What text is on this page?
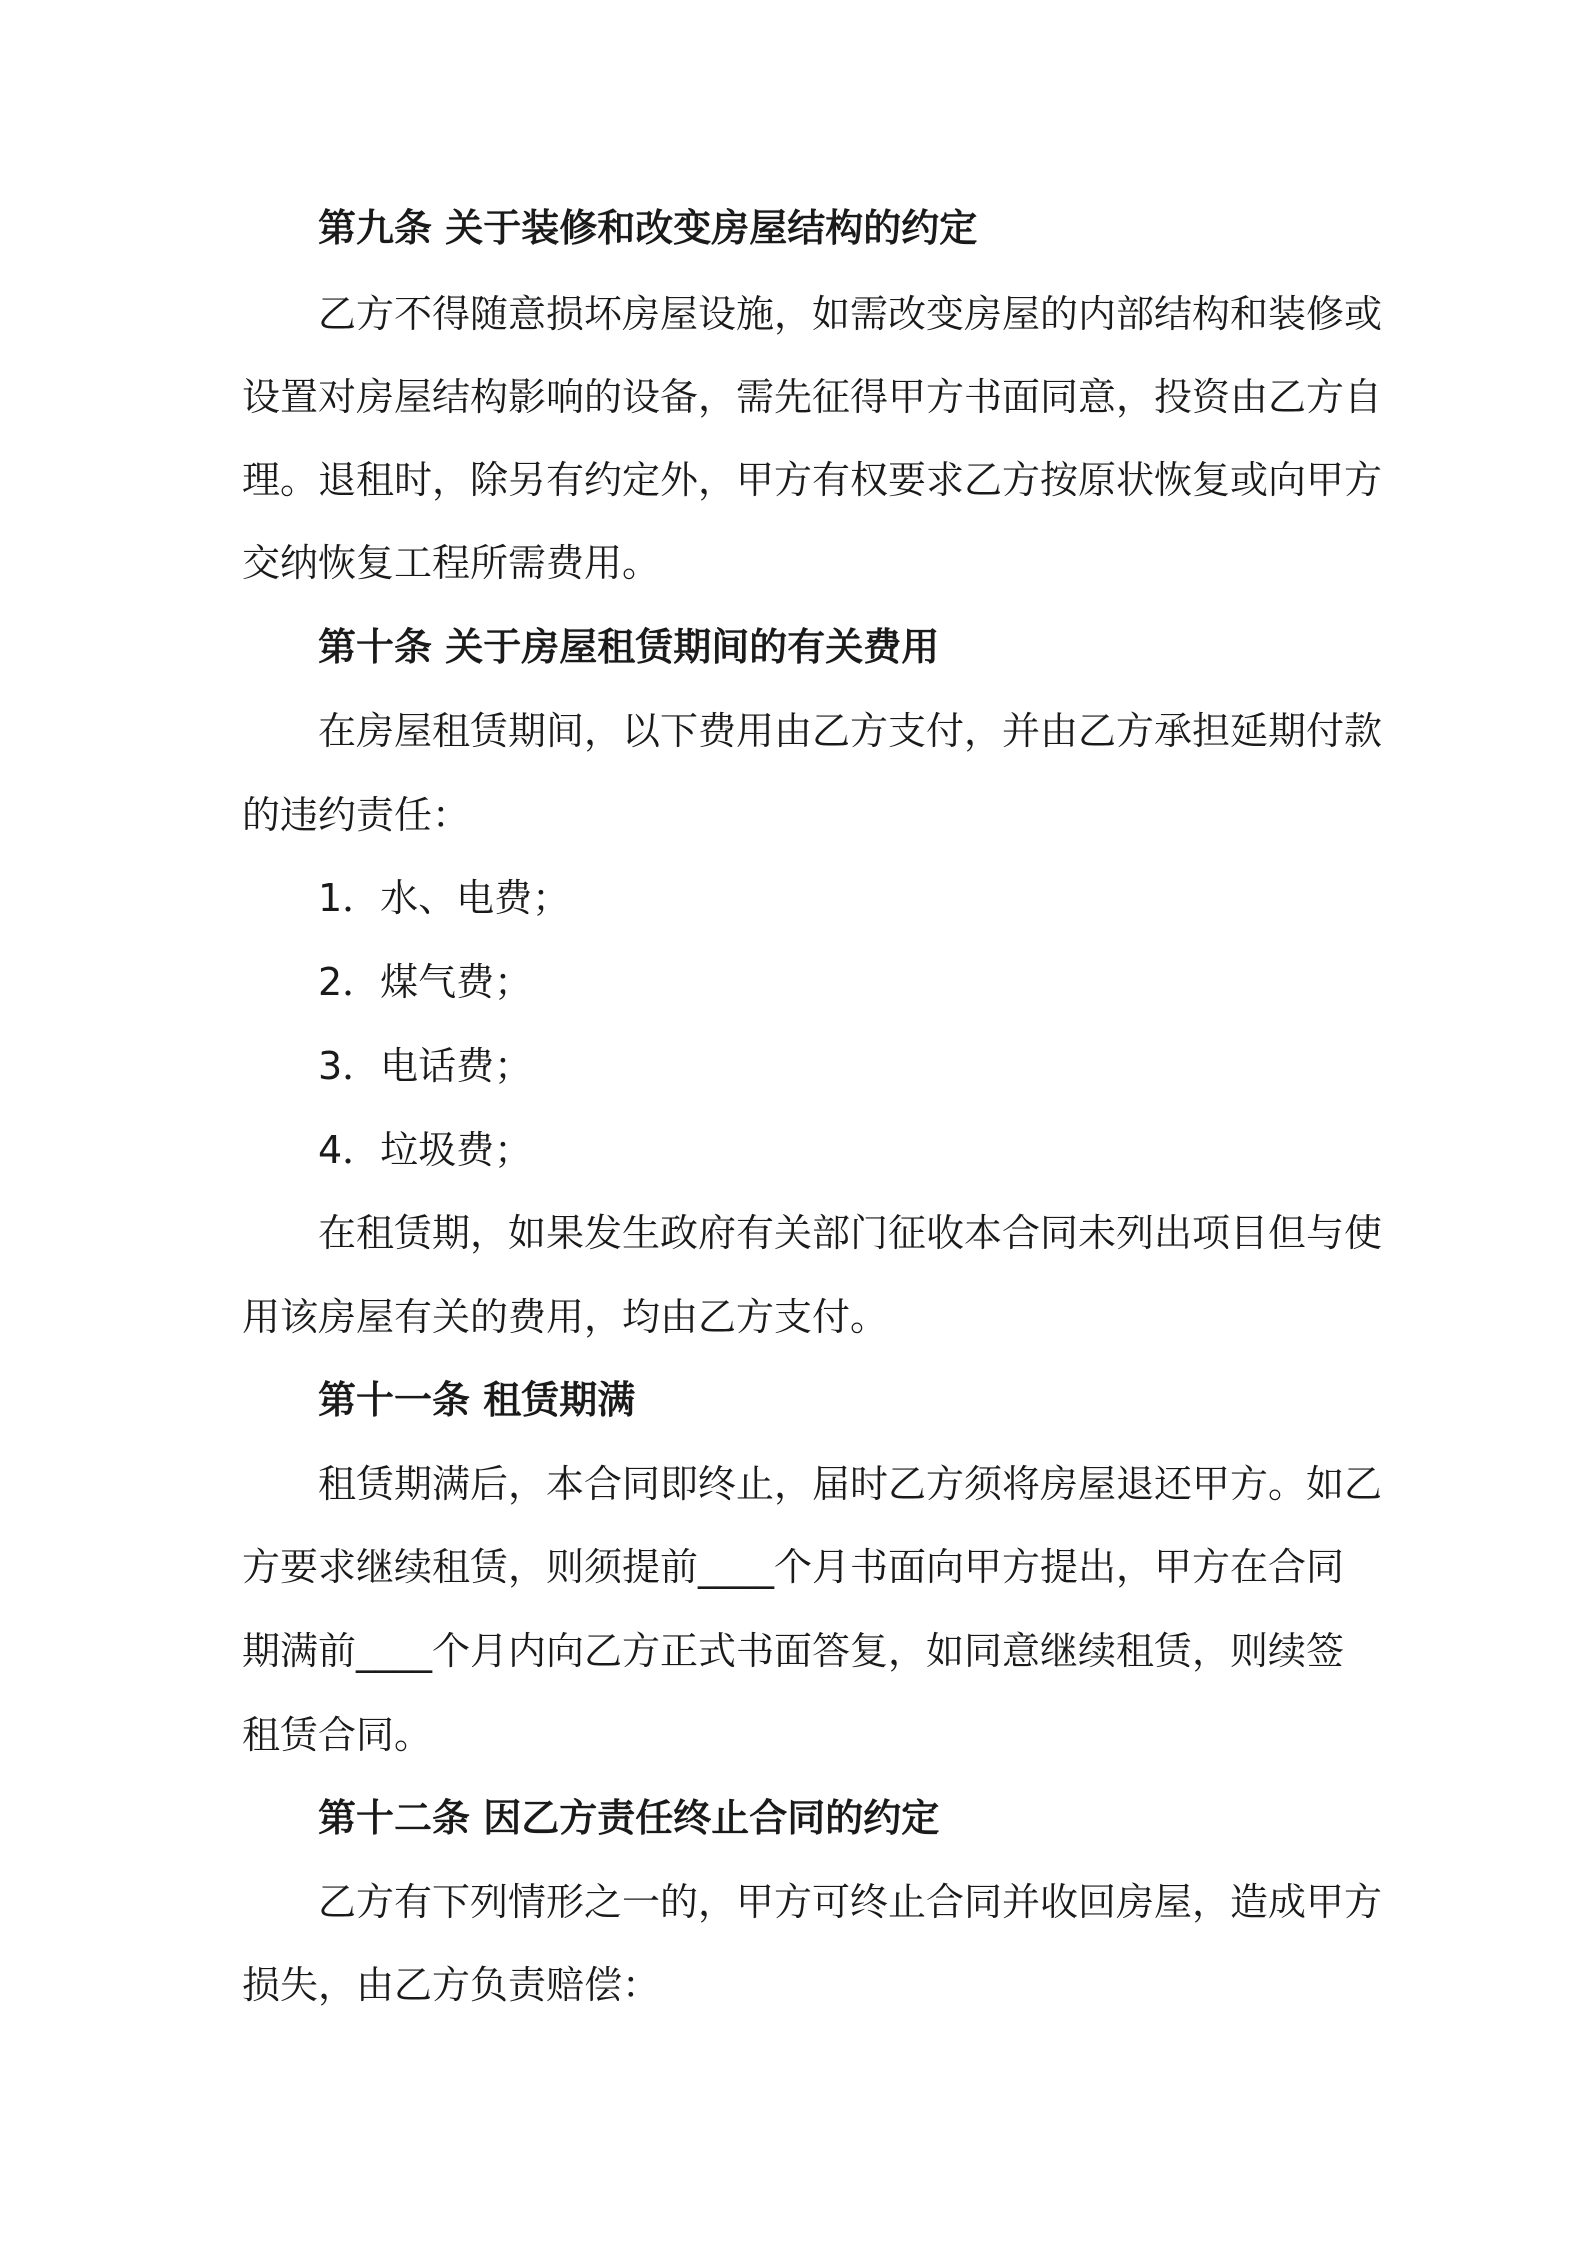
第九条 关于装修和改变房屋结构的约定
乙方不得随意损坏房屋设施，如需改变房屋的内部结构和装修或
设置对房屋结构影响的设备，需先征得甲方书面同意，投资由乙方自
理。退租时，除另有约定外，甲方有权要求乙方按原状恢复或向甲方
交纳恢复工程所需费用。
第十条 关于房屋租赁期间的有关费用
在房屋租赁期间，以下费用由乙方支付，并由乙方承担延期付款
的违约责任：
1．水、电费；
2．煤气费；
3．电话费；
4．垃圾费；
在租赁期，如果发生政府有关部门征收本合同未列出项目但与使
用该房屋有关的费用，均由乙方支付。
第十一条 租赁期满
租赁期满后，本合同即终止，届时乙方须将房屋退还甲方。如乙
方要求继续租赁，则须提前____个月书面向甲方提出，甲方在合同
期满前____个月内向乙方正式书面答复，如同意继续租赁，则续签
租赁合同。
第十二条 因乙方责任终止合同的约定
乙方有下列情形之一的，甲方可终止合同并收回房屋，造成甲方
损失，由乙方负责赔偿：
